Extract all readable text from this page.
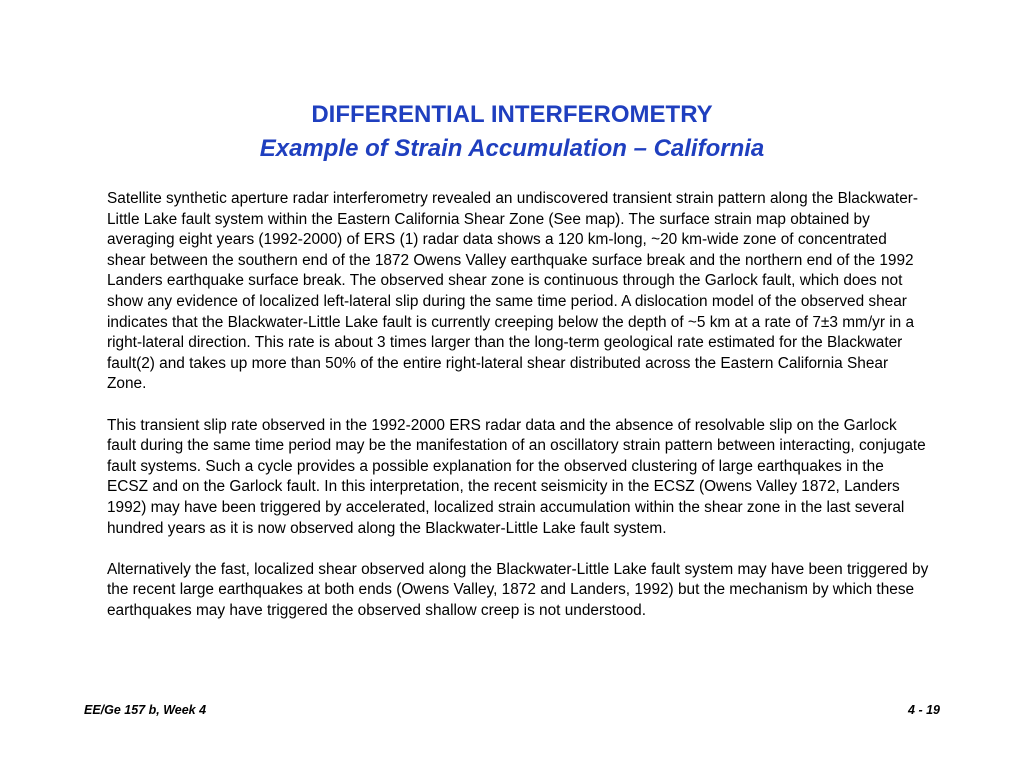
DIFFERENTIAL INTERFEROMETRY
Example of Strain Accumulation – California

Satellite synthetic aperture radar interferometry revealed an undiscovered transient strain pattern along the Blackwater-Little Lake fault system within the Eastern California Shear Zone (See map). The surface strain map obtained by averaging eight years (1992-2000) of ERS (1) radar data shows a 120 km-long, ~20 km-wide zone of concentrated shear between the southern end of the 1872 Owens Valley earthquake surface break and the northern end of the 1992 Landers earthquake surface break. The observed shear zone is continuous through the Garlock fault, which does not show any evidence of localized left-lateral slip during the same time period. A dislocation model of the observed shear indicates that the Blackwater-Little Lake fault is currently creeping below the depth of ~5 km at a rate of 7±3 mm/yr in a right-lateral direction. This rate is about 3 times larger than the long-term geological rate estimated for the Blackwater fault(2) and takes up more than 50% of the entire right-lateral shear distributed across the Eastern California Shear Zone.

This transient slip rate observed in the 1992-2000 ERS radar data and the absence of resolvable slip on the Garlock fault during the same time period may be the manifestation of an oscillatory strain pattern between interacting, conjugate fault systems. Such a cycle provides a possible explanation for the observed clustering of large earthquakes in the ECSZ and on the Garlock fault. In this interpretation, the recent seismicity in the ECSZ (Owens Valley 1872, Landers 1992) may have been triggered by accelerated, localized strain accumulation within the shear zone in the last several hundred years as it is now observed along the Blackwater-Little Lake fault system.

Alternatively the fast, localized shear observed along the Blackwater-Little Lake fault system may have been triggered by the recent large earthquakes at both ends (Owens Valley, 1872 and Landers, 1992) but the mechanism by which these earthquakes may have triggered the observed shallow creep is not understood.

EE/Ge 157 b, Week 4	4 - 19
